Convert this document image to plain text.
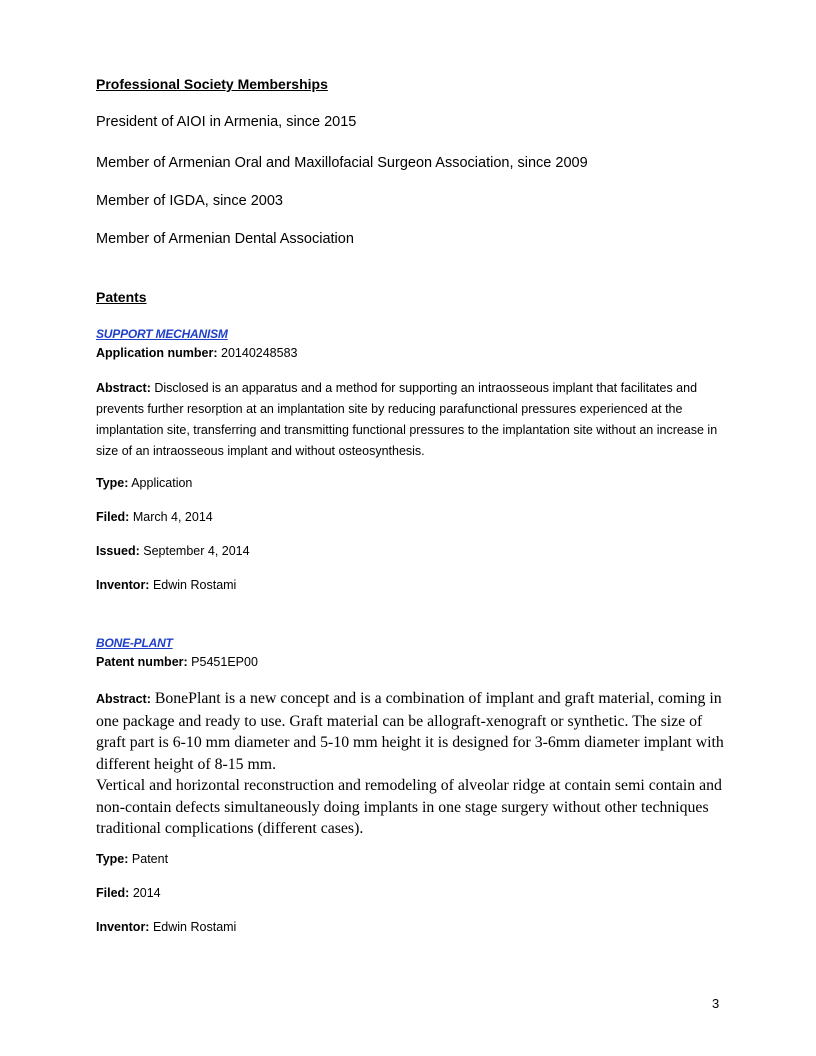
Professional Society Memberships
President of AIOI in Armenia, since 2015
Member of Armenian Oral and Maxillofacial Surgeon Association, since 2009
Member of IGDA, since 2003
Member of Armenian Dental Association
Patents
SUPPORT MECHANISM
Application number: 20140248583
Abstract: Disclosed is an apparatus and a method for supporting an intraosseous implant that facilitates and prevents further resorption at an implantation site by reducing parafunctional pressures experienced at the implantation site, transferring and transmitting functional pressures to the implantation site without an increase in size of an intraosseous implant and without osteosynthesis.
Type: Application
Filed: March 4, 2014
Issued: September 4, 2014
Inventor: Edwin Rostami
BONE-PLANT
Patent number: P5451EP00
Abstract: BonePlant is a new concept and is a combination of implant and graft material, coming in one package and ready to use. Graft material can be allograft-xenograft or synthetic. The size of graft part is 6-10 mm diameter and 5-10 mm height it is designed for 3-6mm diameter implant with different height of 8-15 mm.
Vertical and horizontal reconstruction and remodeling of alveolar ridge at contain semi contain and non-contain defects simultaneously doing implants in one stage surgery without other techniques traditional complications (different cases).
Type: Patent
Filed: 2014
Inventor: Edwin Rostami
3
